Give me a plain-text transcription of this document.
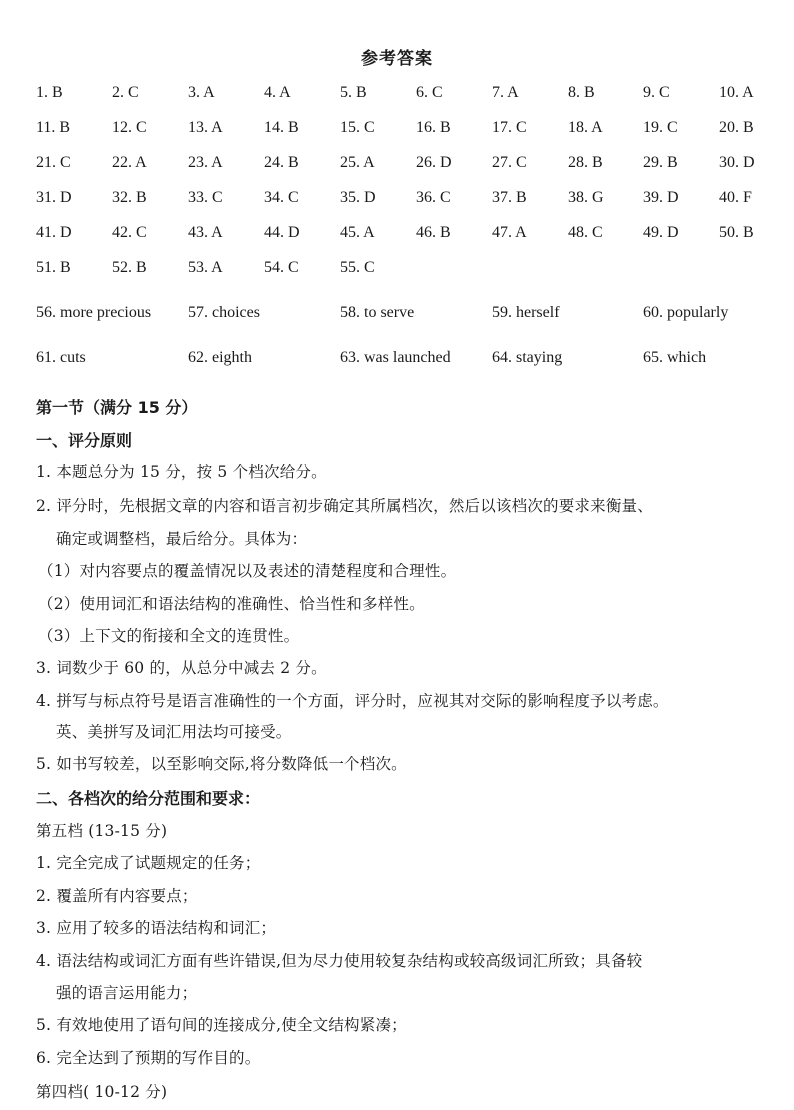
参考答案
1. B	2. C	3. A	4. A	5. B	6. C	7. A	8. B	9. C	10. A
11. B	12. C	13. A	14. B	15. C	16. B	17. C	18. A	19. C	20. B
21. C	22. A	23. A	24. B	25. A	26. D	27. C	28. B	29. B	30. D
31. D	32. B	33. C	34. C	35. D	36. C	37. B	38. G 39. D	40. F
41. D	42. C	43. A	44. D	45. A	46. B	47. A	48. C	49. D	50. B
51. B	52. B	53. A	54. C	55. C
56. more precious 57. choices	58. to serve	59. herself	60. popularly
61. cuts	62. eighth	63. was launched	64. staying	65. which
第一节（满分 15 分）
一、评分原则
1. 本题总分为 15 分，按 5 个档次给分。
2. 评分时，先根据文章的内容和语言初步确定其所属档次，然后以该档次的要求来衡量、
确定或调整档，最后给分。具体为：
（1）对内容要点的覆盖情况以及表述的清楚程度和合理性。
（2）使用词汇和语法结构的准确性、恰当性和多样性。
（3）上下文的衔接和全文的连贯性。
3. 词数少于 60 的，从总分中减去 2 分。
4. 拼写与标点符号是语言准确性的一个方面，评分时，应视其对交际的影响程度予以考虑。
英、美拼写及词汇用法均可接受。
5. 如书写较差，以至影响交际,将分数降低一个档次。
二、各档次的给分范围和要求：
第五档 (13-15 分)
1. 完全完成了试题规定的任务；
2. 覆盖所有内容要点；
3. 应用了较多的语法结构和词汇；
4. 语法结构或词汇方面有些许错误,但为尽力使用较复杂结构或较高级词汇所致；具备较
强的语言运用能力；
5. 有效地使用了语句间的连接成分,使全文结构紧凑；
6. 完全达到了预期的写作目的。
第四档( 10-12 分)
